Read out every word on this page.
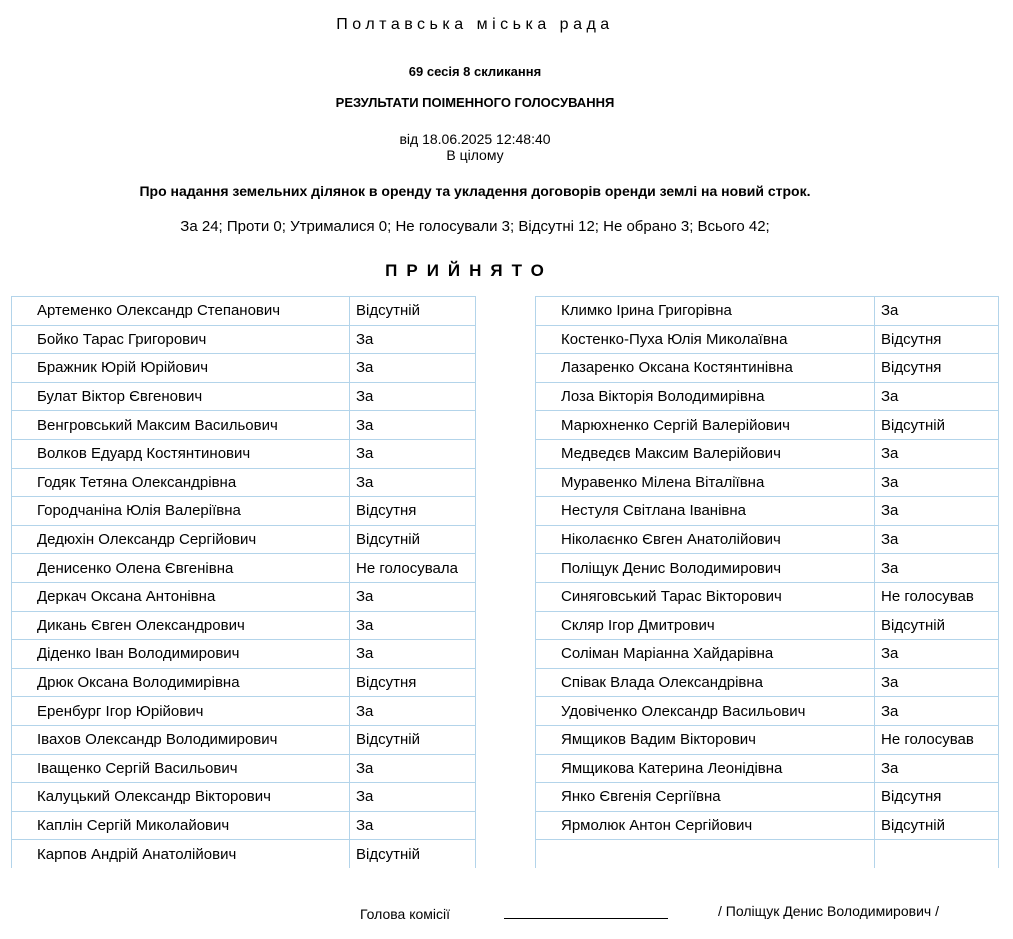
Полтавська міська рада
69 сесія 8 скликання
РЕЗУЛЬТАТИ ПОІМЕННОГО ГОЛОСУВАННЯ
від 18.06.2025 12:48:40
В цілому
Про надання земельних ділянок в оренду та укладення договорів оренди землі на новий строк.
За 24; Проти 0; Утрималися 0; Не голосували 3; Відсутні 12; Не обрано 3; Всього 42;
ПРИЙНЯТО
Артеменко Олександр Степанович	Відсутній
Бойко Тарас Григорович	За
Бражник Юрій Юрійович	За
Булат Віктор Євгенович	За
Венгровський Максим Васильович	За
Волков Едуард Костянтинович	За
Годяк Тетяна Олександрівна	За
Городчаніна Юлія Валеріївна	Відсутня
Дедюхін Олександр Сергійович	Відсутній
Денисенко Олена Євгенівна	Не голосувала
Деркач Оксана Антонівна	За
Дикань Євген Олександрович	За
Діденко Іван Володимирович	За
Дрюк Оксана Володимирівна	Відсутня
Еренбург Ігор Юрійович	За
Івахов Олександр Володимирович	Відсутній
Іващенко Сергій Васильович	За
Калуцький Олександр Вікторович	За
Каплін Сергій Миколайович	За
Карпов Андрій Анатолійович	Відсутній
Климко Ірина Григорівна	За
Костенко-Пуха Юлія Миколаївна	Відсутня
Лазаренко Оксана Костянтинівна	Відсутня
Лоза Вікторія Володимирівна	За
Марюхненко Сергій Валерійович	Відсутній
Медведєв Максим Валерійович	За
Муравенко Мілена Віталіївна	За
Нестуля Світлана Іванівна	За
Ніколаєнко Євген Анатолійович	За
Поліщук Денис Володимирович	За
Синяговський Тарас Вікторович	Не голосував
Скляр Ігор Дмитрович	Відсутній
Соліман Маріанна Хайдарівна	За
Співак Влада Олександрівна	За
Удовіченко Олександр Васильович	За
Ямщиков Вадим Вікторович	Не голосував
Ямщикова Катерина Леонідівна	За
Янко Євгенія Сергіївна	Відсутня
Ярмолюк Антон Сергійович	Відсутній

Голова комісії	/ Поліщук Денис Володимирович /
